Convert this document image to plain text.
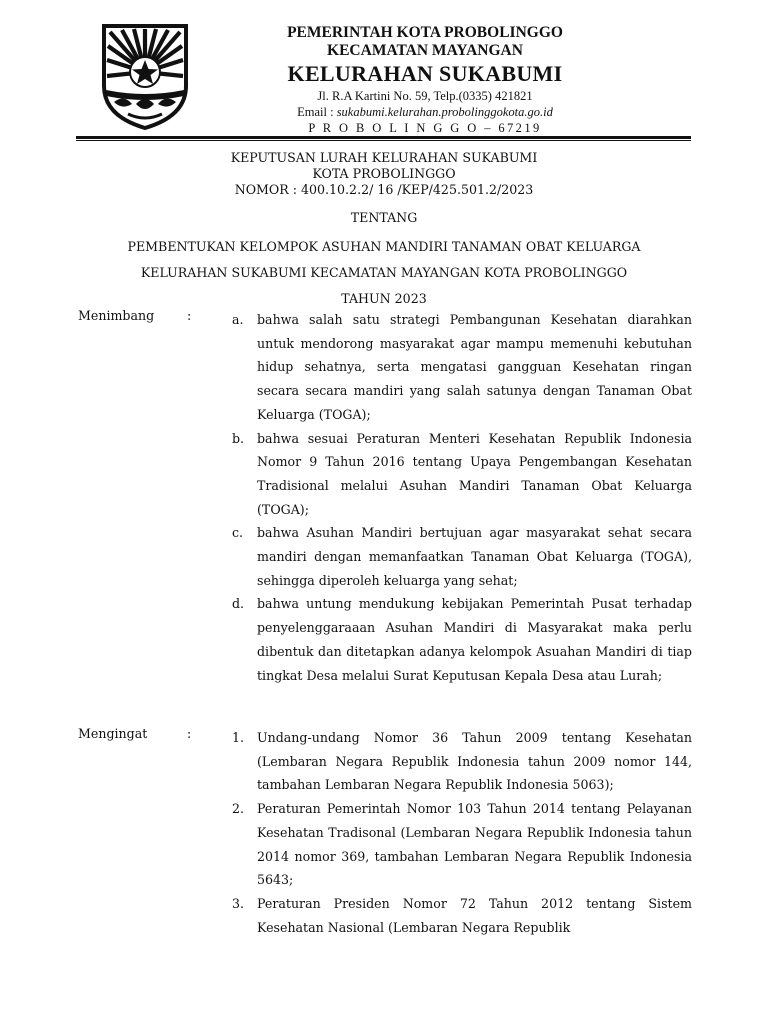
PEMERINTAH KOTA PROBOLINGGO
KECAMATAN MAYANGAN
KELURAHAN SUKABUMI
Jl. R.A Kartini No. 59, Telp.(0335) 421821
Email : sukabumi.kelurahan.probolinggokota.go.id
P R O B O L I N G G O – 67219
KEPUTUSAN LURAH KELURAHAN SUKABUMI
KOTA PROBOLINGGO
NOMOR : 400.10.2.2/ 16 /KEP/425.501.2/2023
TENTANG
PEMBENTUKAN KELOMPOK ASUHAN MANDIRI TANAMAN OBAT KELUARGA
KELURAHAN SUKABUMI KECAMATAN MAYANGAN KOTA PROBOLINGGO
TAHUN 2023
Menimbang	:	a. bahwa salah satu strategi Pembangunan Kesehatan diarahkan untuk mendorong masyarakat agar mampu memenuhi kebutuhan hidup sehatnya, serta mengatasi gangguan Kesehatan ringan secara secara mandiri yang salah satunya dengan Tanaman Obat Keluarga (TOGA);
b. bahwa sesuai Peraturan Menteri Kesehatan Republik Indonesia Nomor 9 Tahun 2016 tentang Upaya Pengembangan Kesehatan Tradisional melalui Asuhan Mandiri Tanaman Obat Keluarga (TOGA);
c. bahwa Asuhan Mandiri bertujuan agar masyarakat sehat secara mandiri dengan memanfaatkan Tanaman Obat Keluarga (TOGA), sehingga diperoleh keluarga yang sehat;
d. bahwa untung mendukung kebijakan Pemerintah Pusat terhadap penyelenggaraaan Asuhan Mandiri di Masyarakat maka perlu dibentuk dan ditetapkan adanya kelompok Asuahan Mandiri di tiap tingkat Desa melalui Surat Keputusan Kepala Desa atau Lurah;
Mengingat	:	1. Undang-undang Nomor 36 Tahun 2009 tentang Kesehatan (Lembaran Negara Republik Indonesia tahun 2009 nomor 144, tambahan Lembaran Negara Republik Indonesia 5063);
2. Peraturan Pemerintah Nomor 103 Tahun 2014 tentang Pelayanan Kesehatan Tradisonal (Lembaran Negara Republik Indonesia tahun 2014 nomor 369, tambahan Lembaran Negara Republik Indonesia 5643;
3. Peraturan Presiden Nomor 72 Tahun 2012 tentang Sistem Kesehatan Nasional (Lembaran Negara Republik
